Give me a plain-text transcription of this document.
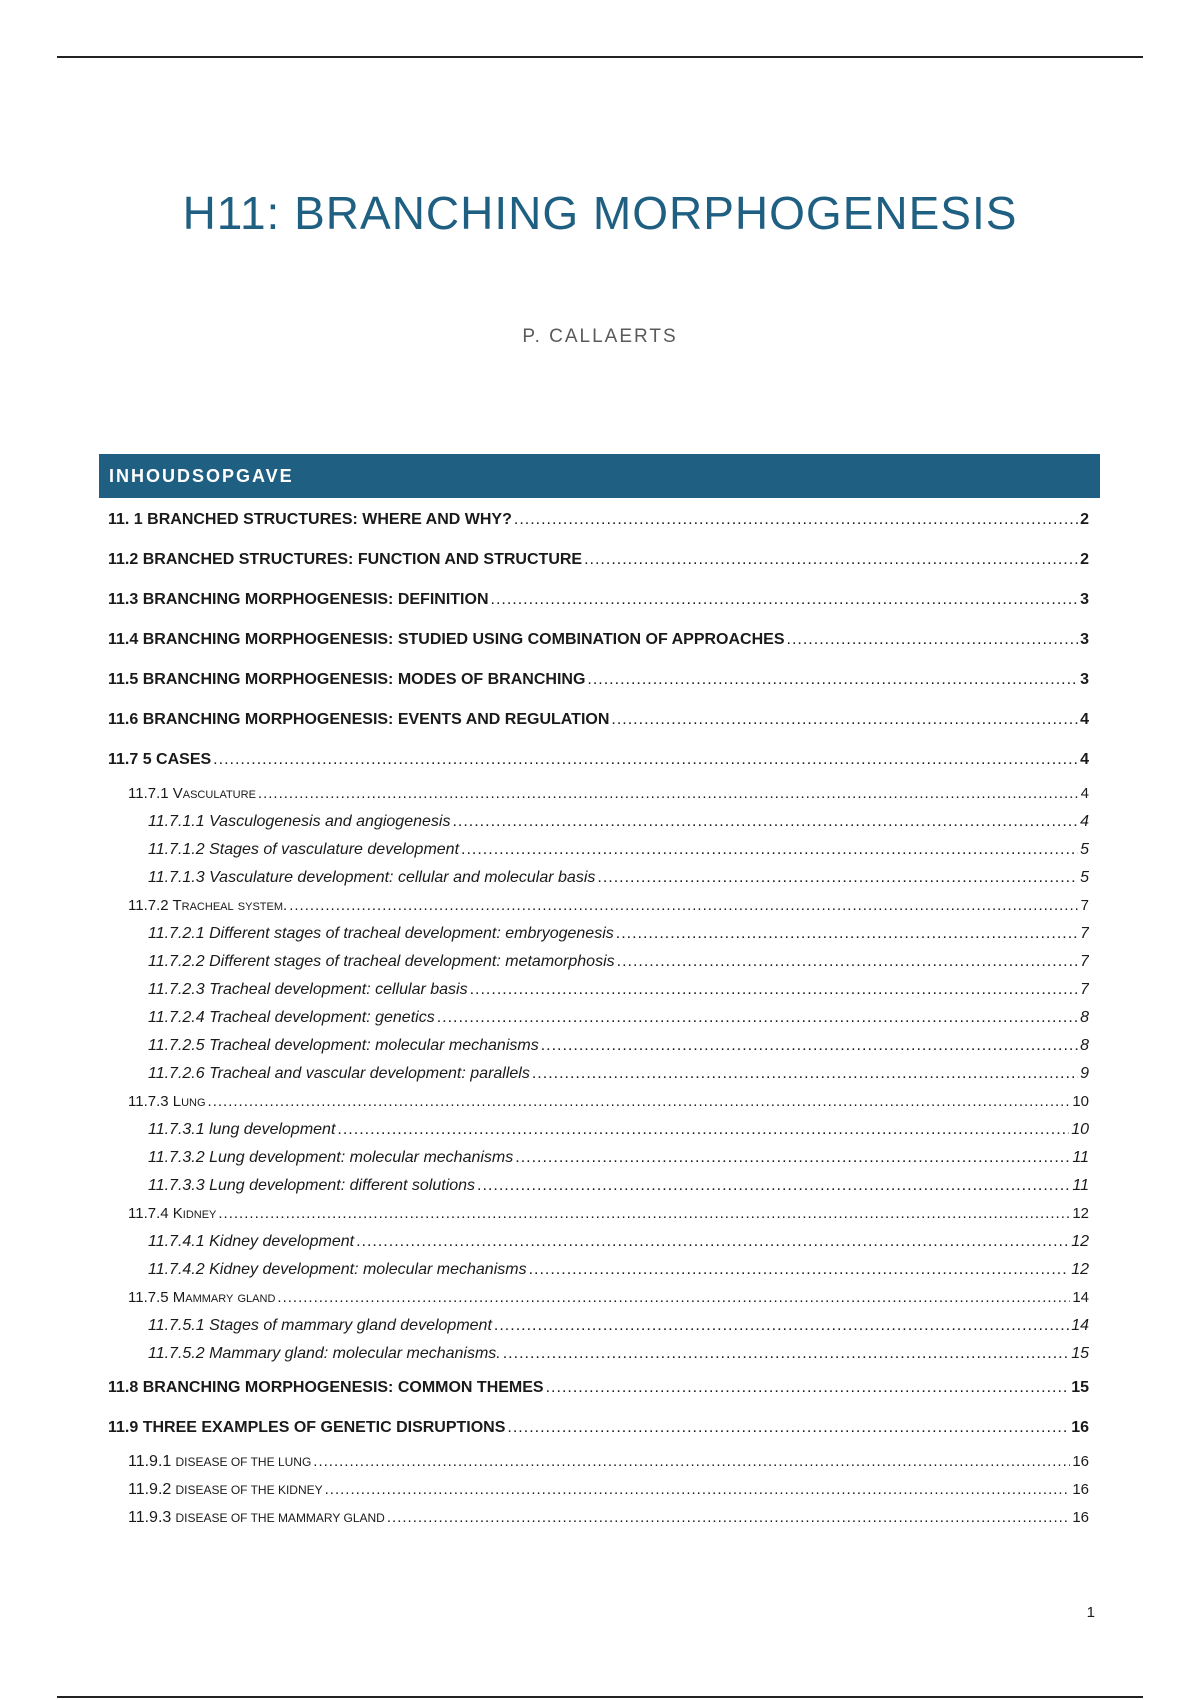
H11: BRANCHING MORPHOGENESIS
P. CALLAERTS
INHOUDSOPGAVE
11. 1 BRANCHED STRUCTURES: WHERE AND WHY? .....	2
11.2 BRANCHED STRUCTURES: FUNCTION AND STRUCTURE .....	2
11.3 BRANCHING MORPHOGENESIS: DEFINITION .....	3
11.4 BRANCHING MORPHOGENESIS: STUDIED USING COMBINATION OF APPROACHES .....	3
11.5 BRANCHING MORPHOGENESIS: MODES OF BRANCHING .....	3
11.6 BRANCHING MORPHOGENESIS: EVENTS AND REGULATION .....	4
11.7 5 CASES .....	4
11.7.1 Vasculature .....	4
11.7.1.1 Vasculogenesis and angiogenesis .....	4
11.7.1.2 Stages of vasculature development .....	5
11.7.1.3 Vasculature development: cellular and molecular basis .....	5
11.7.2 Tracheal system. .....	7
11.7.2.1 Different stages of tracheal development: embryogenesis .....	7
11.7.2.2 Different stages of tracheal development: metamorphosis .....	7
11.7.2.3 Tracheal development: cellular basis .....	7
11.7.2.4 Tracheal development: genetics .....	8
11.7.2.5 Tracheal development: molecular mechanisms .....	8
11.7.2.6 Tracheal and vascular development: parallels .....	9
11.7.3 Lung .....	10
11.7.3.1 lung development .....	10
11.7.3.2 Lung development: molecular mechanisms .....	11
11.7.3.3 Lung development: different solutions .....	11
11.7.4 Kidney .....	12
11.7.4.1 Kidney development .....	12
11.7.4.2 Kidney development: molecular mechanisms .....	12
11.7.5 Mammary gland .....	14
11.7.5.1 Stages of mammary gland development .....	14
11.7.5.2 Mammary gland: molecular mechanisms. .....	15
11.8 BRANCHING MORPHOGENESIS: COMMON THEMES .....	15
11.9 THREE EXAMPLES OF GENETIC DISRUPTIONS .....	16
11.9.1 DISEASE OF THE LUNG .....	16
11.9.2 DISEASE OF THE KIDNEY .....	16
11.9.3 DISEASE OF THE MAMMARY GLAND .....	16
1
